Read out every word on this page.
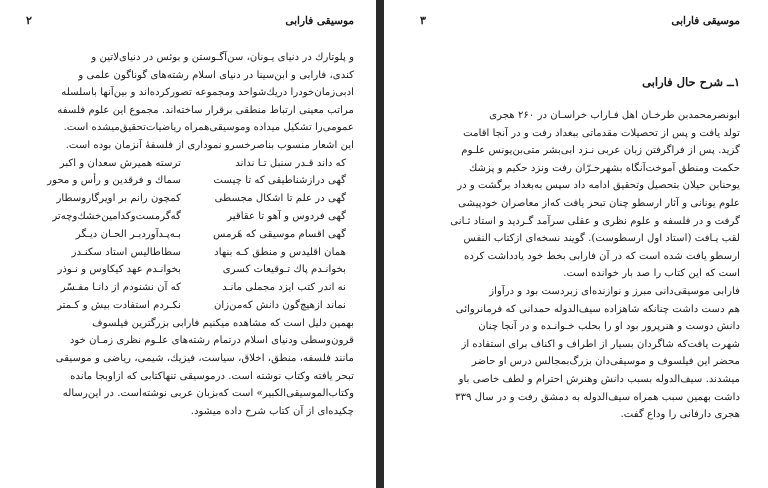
موسیقی فارابی
۲
و پلوتارك در دنیای یـونان، سن‌آگـوستن و بوئس در دنیای‌لاتین و
کندی، فارابی و ابن‌سینا در دنیای اسلام رشته‌های گوناگون علمی و
ادبی‌زمان‌خودرا دریك‌شواحد ومجموعه تصورکرده‌اند و بین‌آنها باسلسله
مراتب معینی ارتباط منطقی برقرار ساخته‌اند. مجموع این علوم فلسفه
عمومی‌را تشکیل میداده وموسیقی‌همراه ریاضیات‌تحقیق‌میشده است.
این اشعار منسوب بناصرخسرو نموداری از فلسفهٔ آنزمان بوده است.
که داند قـدر سنبل تـا نداند
ترسته همیرش سعدان و اکبر
گهی درازشناطیقی که تا چیست
سماك و فرقدین و رأس و محور
گهی در علم تا اشکال مجسطی
کمچون رانم بر اویرگاروسطار
گهی فردوس و آهو تا عقاقیر
گه‌گرمست‌وکدامین‌خشك‌وچه‌تر
گهی اقسام موسیقی که هَرمس
بـه‌پـدآوردبـر الحـان دیـگر
همان اقلیدس و منطق کـه بنهاد
سطاطالیس استاد سکنـدر
بخوانـدم پاك تـوقیعات کسری
بخوانـدم عهد کیکاوس و نـوذر
نه اندر کتب ایزد مجملی مانـد
که آن نشنودم از دانـا مفـسّر
نماند ازهیچ‌گون دانش که‌من‌زان
نکـردم استفادت بیش و کـمتر
بهمین دلیل است که مشاهده میکنیم فارابی بزرگترین فیلسوف
قرون‌وسطی ودنیای اسلام درتمام رشته‌های علـوم نظری زمـان خود
مانند فلسفه، منطق، اخلاق، سیاست، فیزیك، شیمی، ریاضی و موسیقی
تبحر یافته وکتاب نوشته است. درموسیقی تنهاکتابی که ازاوبجا مانده
وکتاب‌الموسیقی‌الکبیر» است که‌بزبان عربی نوشته‌است. در این‌رساله
چکیده‌ای از آن کتاب شرح داده میشود.
موسیقی فارابی
۳
۱ــ شرح حال فارابی
ابونصرمحمدبن طرخـان اهل فـاراب خراسـان در ۲۶۰ هجری
تولد یافت و پس از تحصیلات مقدماتی ببغداد رفت و در آنجا اقامت
گزید. پس از فراگرفتن زبان عربی نـزد ابی‌بشر متی‌بن‌یونس علـوم
حکمت ومنطق آموخت‌آنگاه بشهرحـرّان رفت ونزد حکیم و پزشك
یوحنابن حیلان بتحصیل وتحقیق ادامه داد سپس به‌بغداد برگشت و در
علوم یونانی و آثار ارسطو چنان تبحر یافت که‌از معاصران خودپیشی
گرفت و در فلسفه و علوم نظری و عقلی سرآمد گـردید و استاد ثـانی
لقب یـافت (استاد اول ارسطوست). گویند نسخه‌ای ازکتاب النفس
ارسطو یافت شده است که در آن فارابی بخط خود یادداشت کرده
است که این کتاب را صد بار خوانده است.
فارابی موسیقی‌دانی مبرز و نوازنده‌ای زبردست بود و درآواز
هم دست داشت چنانکه شاهزاده سیف‌الدوله حمدانی که فرمانروائی
دانش دوست و هنرپرور بود او را بحلب خـوانـده و در آنجا چنان
شهرت یافت‌که شاگردان بسیار از اطراف و اکناف برای استفاده از
محضر این فیلسوف و موسیقی‌دان بزرگ‌بمجالس درس او حاضر
میشدند. سیف‌الدوله بسبب دانش وهنرش احترام و لطف خاصی باو
داشت بهمین سبب همراه سیف‌الدوله به دمشق رفت و در سال ۳۳۹
هجری دارفانی را وداع گفت.
